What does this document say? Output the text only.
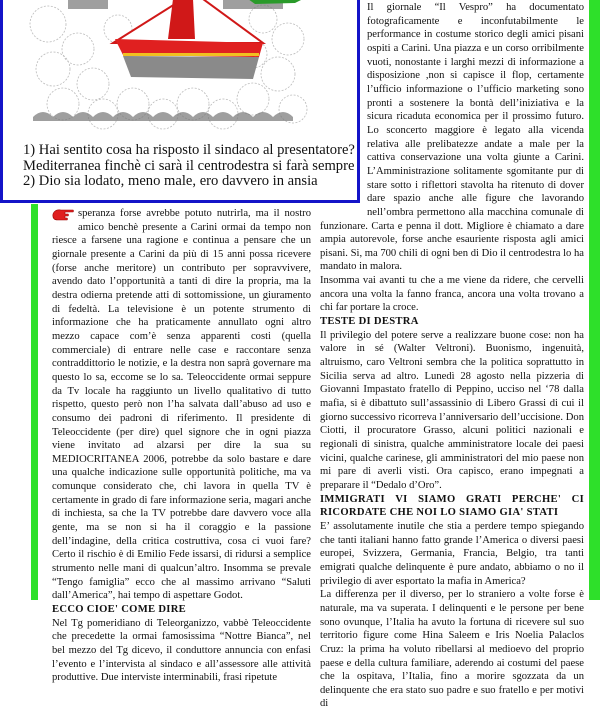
1) Hai sentito cosa ha risposto il sindaco al presentatore?
Mediterranea finchè ci sarà il centrodestra si farà sempre
2) Dio sia lodato, meno male, ero davvero in ansia

Il giornale “Il Vespro” ha documentato fotograficamente e inconfutabilmente le performance in costume storico degli amici pisani ospiti a Carini. Una piazza e un corso orribilmente vuoti, nonostante i larghi mezzi di informazione a disposizione ,non si capisce il flop, certamente l’ufficio informazione o l’ufficio marketing sono pronti a sostenere la bontà dell’iniziativa e la sicura ricaduta economica per il prossimo futuro. Lo sconcerto maggiore è legato alla vicenda relativa alle prelibatezze andate a male per la cattiva conservazione una volta giunte a Carini. L’Amministrazione solitamente sgomitante pur di stare sotto i riflettori stavolta ha ritenuto di dover dare spazio anche alle figure che lavorando nell’ombra permettono alla macchina comunale di funzionare. Carta e penna il dott. Migliore è chiamato a dare ampia autorevole, forse anche esauriente risposta agli amici pisani. Si, ma 700 chili di ogni ben di Dio il centrodestra lo ha mandato in malora.

Insomma vai avanti tu che a me viene da ridere, che cervelli ancora una volta la fanno franca, ancora una volta trovano a chi far portare la croce.

TESTE DI DESTRA

Il privilegio del potere serve a realizzare buone cose: non ha valore in sé (Walter Veltroni). Buonismo, ingenuità, altruismo, caro Veltroni sembra che la politica soprattutto in Sicilia serva ad altro. Lunedì 28 agosto nella pizzeria di Giovanni Impastato fratello di Peppino, ucciso nel ‘78 dalla mafia, si è dibattuto sull’assassinio di Libero Grassi di cui il giorno successivo ricorreva l’anniversario dell’uccisione. Don Ciotti, il procuratore Grasso, alcuni politici nazionali e regionali di sinistra, qualche amministratore locale dei paesi vicini, qualche carinese, gli amministratori del mio paese non mi pare di averli visti. Ora capisco, erano impegnati a preparare il “Dedalo d’Oro”.

IMMIGRATI VI SIAMO GRATI PERCHE' CI RICORDATE CHE NOI LO SIAMO GIA' STATI

E’ assolutamente inutile che stia a perdere tempo spiegando che tanti italiani hanno fatto grande l’America o diversi paesi europei, Svizzera, Germania, Francia, Belgio, tra tanti emigrati qualche delinquente è pure andato, abbiamo o no il privilegio di aver esportato la mafia in America?

La differenza per il diverso, per lo straniero a volte forse è naturale, ma va superata. I delinquenti e le persone per bene sono ovunque, l’Italia ha avuto la fortuna di ricevere sul suo territorio figure come Hina Saleem e Iris Noelia Palaclos Cruz: la prima ha voluto ribellarsi al medioevo del proprio paese e della cultura familiare, aderendo ai costumi del paese che la ospitava, l’Italia, fino a morire sgozzata da un delinquente che era stato suo padre e suo fratello e per motivi di

speranza forse avrebbe potuto nutrirla, ma il nostro amico benchè presente a Carini ormai da tempo non riesce a farsene una ragione e continua a pensare che un giornale presente a Carini da più di 15 anni possa ricevere (forse anche meritore) un contributo per sopravvivere, avendo dato l’opportunità a tanti di dire la propria, ma la destra odierna pretende atti di sottomissione, un giuramento di fedeltà. La televisione è un potente strumento di informazione che ha praticamente annullato ogni altro mezzo capace com’è senza apparenti costi (quella commerciale) di entrare nelle case e raccontare senza contraddittorio le notizie, e la destra non saprà governare ma questo lo sa, eccome se lo sa. Teleoccidente ormai seppure da Tv locale ha raggiunto un livello qualitativo di tutto rispetto, questo però non l’ha salvata dall’abuso ad uso e consumo dei padroni di riferimento. Il presidente di Teleoccidente (per dire) quel signore che in ogni piazza viene invitato ad alzarsi per dire la sua su MEDIOCRITANEA 2006, potrebbe da solo bastare e dare una qualche indicazione sulle opportunità politiche, ma va comunque considerato che, chi lavora in quella TV è certamente in grado di fare informazione seria, magari anche di inchiesta, sa che la TV potrebbe dare davvero voce alla gente, ma se non si ha il coraggio e la passione dell’indagine, della critica costruttiva, cosa ci vuoi fare? Certo il rischio è di Emilio Fede issarsi, di ridursi a semplice strumento nelle mani di qualcun’altro. Insomma se prevale “Tengo famiglia” ecco che al massimo arrivano “Saluti dall’America”, hai tempo di aspettare Godot.

ECCO CIOE' COME DIRE

Nel Tg pomeridiano di Teleorganizzo, vabbè Teleoccidente che precedette la ormai famosissima “Nottre Bianca”, nel bel mezzo del Tg dicevo, il conduttore annuncia con enfasi l’evento e l’intervista al sindaco e all’assessore alle attività produttive. Due interviste interminabili, frasi ripetute
